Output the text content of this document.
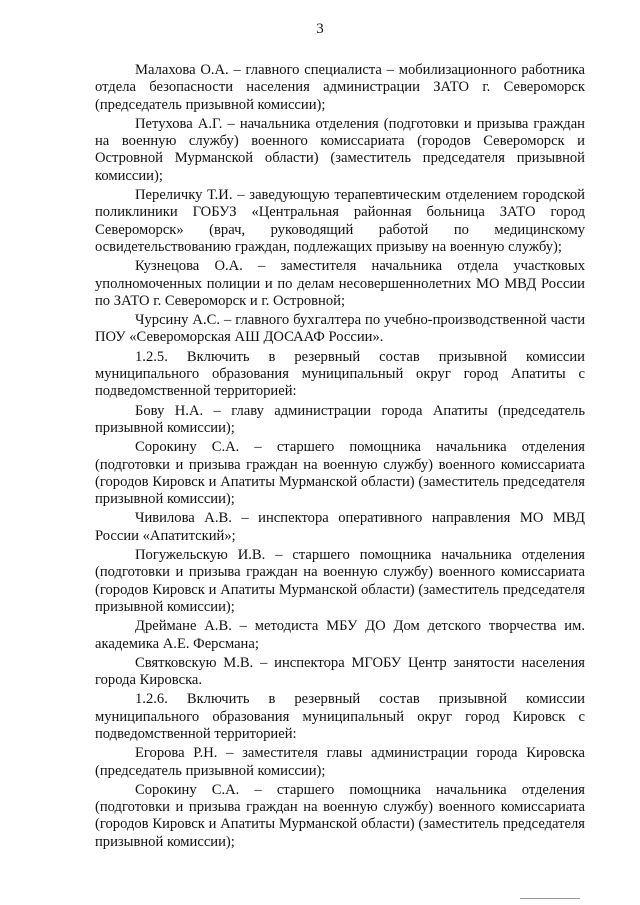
3

Малахова О.А. – главного специалиста – мобилизационного работника отдела безопасности населения администрации ЗАТО г. Североморск (председатель призывной комиссии);

Петухова А.Г. – начальника отделения (подготовки и призыва граждан на военную службу) военного комиссариата (городов Североморск и Островной Мурманской области) (заместитель председателя призывной комиссии);

Переличку Т.И. – заведующую терапевтическим отделением городской поликлиники ГОБУЗ «Центральная районная больница ЗАТО город Североморск» (врач, руководящий работой по медицинскому освидетельствованию граждан, подлежащих призыву на военную службу);

Кузнецова О.А. – заместителя начальника отдела участковых уполномоченных полиции и по делам несовершеннолетних МО МВД России по ЗАТО г. Североморск и г. Островной;

Чурсину А.С. – главного бухгалтера по учебно-производственной части ПОУ «Североморская АШ ДОСААФ России».

1.2.5. Включить в резервный состав призывной комиссии муниципального образования муниципальный округ город Апатиты с подведомственной территорией:

Бову Н.А. – главу администрации города Апатиты (председатель призывной комиссии);

Сорокину С.А. – старшего помощника начальника отделения (подготовки и призыва граждан на военную службу) военного комиссариата (городов Кировск и Апатиты Мурманской области) (заместитель председателя призывной комиссии);

Чивилова А.В. – инспектора оперативного направления МО МВД России «Апатитский»;

Погужельскую И.В. – старшего помощника начальника отделения (подготовки и призыва граждан на военную службу) военного комиссариата (городов Кировск и Апатиты Мурманской области) (заместитель председателя призывной комиссии);

Дреймане А.В. – методиста МБУ ДО Дом детского творчества им. академика А.Е. Ферсмана;

Святковскую М.В. – инспектора МГОБУ Центр занятости населения города Кировска.

1.2.6. Включить в резервный состав призывной комиссии муниципального образования муниципальный округ город Кировск с подведомственной территорией:

Егорова Р.Н. – заместителя главы администрации города Кировска (председатель призывной комиссии);

Сорокину С.А. – старшего помощника начальника отделения (подготовки и призыва граждан на военную службу) военного комиссариата (городов Кировск и Апатиты Мурманской области) (заместитель председателя призывной комиссии);
